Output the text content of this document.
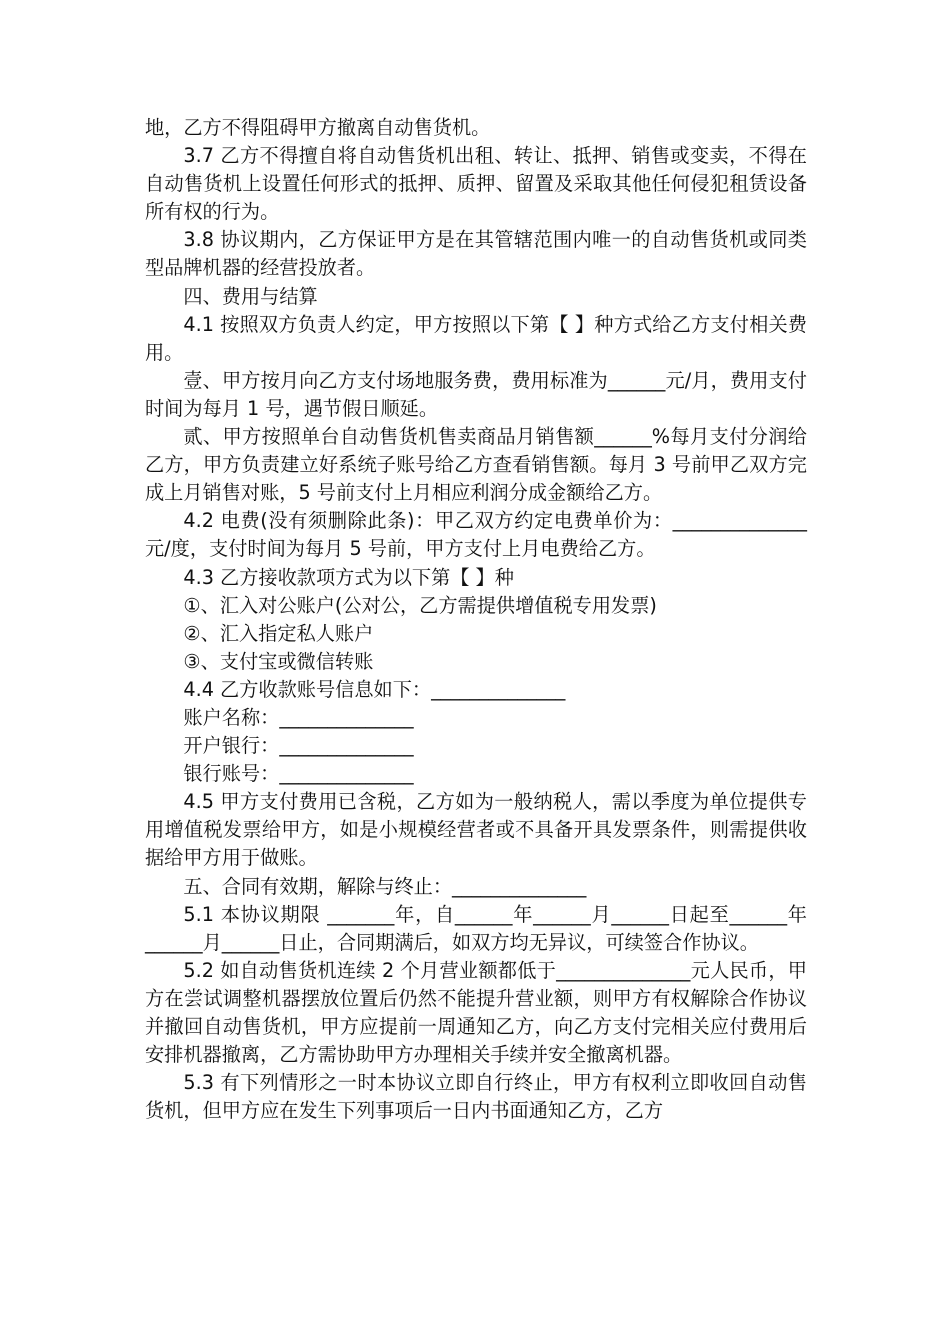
地，乙方不得阻碍甲方撤离自动售货机。

3.7 乙方不得擅自将自动售货机出租、转让、抵押、销售或变卖，不得在自动售货机上设置任何形式的抵押、质押、留置及采取其他任何侵犯租赁设备所有权的行为。

3.8 协议期内，乙方保证甲方是在其管辖范围内唯一的自动售货机或同类型品牌机器的经营投放者。

四、费用与结算

4.1 按照双方负责人约定，甲方按照以下第【 】种方式给乙方支付相关费用。

壹、甲方按月向乙方支付场地服务费，费用标准为______元/月，费用支付时间为每月 1 号，遇节假日顺延。

贰、甲方按照单台自动售货机售卖商品月销售额______%每月支付分润给乙方，甲方负责建立好系统子账号给乙方查看销售额。每月 3 号前甲乙双方完成上月销售对账，5 号前支付上月相应利润分成金额给乙方。

4.2 电费(没有须删除此条)：甲乙双方约定电费单价为：______________ 元/度，支付时间为每月 5 号前，甲方支付上月电费给乙方。

4.3 乙方接收款项方式为以下第【 】种

①、汇入对公账户(公对公，乙方需提供增值税专用发票)

②、汇入指定私人账户

③、支付宝或微信转账

4.4 乙方收款账号信息如下：______________

账户名称：______________

开户银行：______________

银行账号：______________

4.5 甲方支付费用已含税，乙方如为一般纳税人，需以季度为单位提供专用增值税发票给甲方，如是小规模经营者或不具备开具发票条件，则需提供收据给甲方用于做账。

五、合同有效期，解除与终止：______________

5.1 本协议期限 _______年，自______年______月______日起至______年______月______日止，合同期满后，如双方均无异议，可续签合作协议。

5.2 如自动售货机连续 2 个月营业额都低于______________元人民币，甲方在尝试调整机器摆放位置后仍然不能提升营业额，则甲方有权解除合作协议并撤回自动售货机，甲方应提前一周通知乙方，向乙方支付完相关应付费用后安排机器撤离，乙方需协助甲方办理相关手续并安全撤离机器。

5.3 有下列情形之一时本协议立即自行终止，甲方有权利立即收回自动售货机，但甲方应在发生下列事项后一日内书面通知乙方，乙方
